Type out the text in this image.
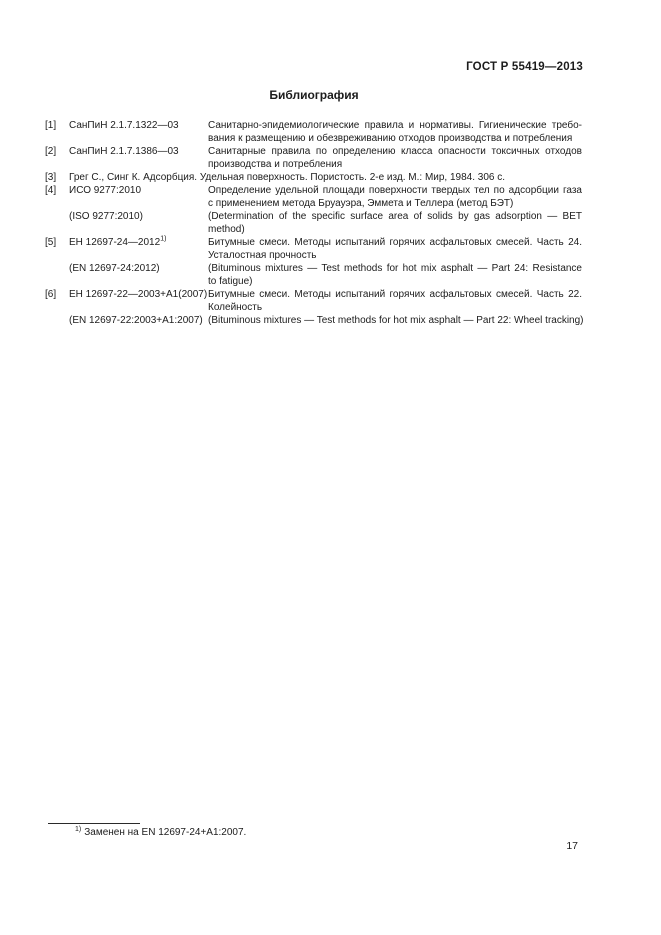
ГОСТ Р 55419—2013
Библиография
[1]	СанПиН 2.1.7.1322—03	Санитарно-эпидемиологические правила и нормативы. Гигиенические требо-
вания к размещению и обезвреживанию отходов производства и потребления
[2]	СанПиН 2.1.7.1386—03	Санитарные правила по определению класса опасности токсичных отходов
производства и потребления
[3]	Грег С., Синг К. Адсорбция. Удельная поверхность. Пористость. 2-е изд. М.: Мир, 1984. 306 с.
[4]	ИСО 9277:2010	Определение удельной площади поверхности твердых тел по адсорбции газа
с применением метода Бруауэра, Эммета и Теллера (метод БЭТ)
(ISO 9277:2010)	(Determination of the specific surface area of solids by gas adsorption — BET
method)
[5]	ЕН 12697-24—2012$^{1)}$	Битумные смеси. Методы испытаний горячих асфальтовых смесей. Часть 24.
Усталостная прочность
(EN 12697-24:2012)	(Bituminous mixtures — Test methods for hot mix asphalt — Part 24: Resistance
to fatigue)
[6]	ЕН 12697-22—2003+А1(2007) Битумные смеси. Методы испытаний горячих асфальтовых смесей. Часть 22.
Колейность
(EN 12697-22:2003+A1:2007) (Bituminous mixtures — Test methods for hot mix asphalt — Part 22: Wheel tracking)
$^{1)}$ Заменен на EN 12697-24+A1:2007.
17
